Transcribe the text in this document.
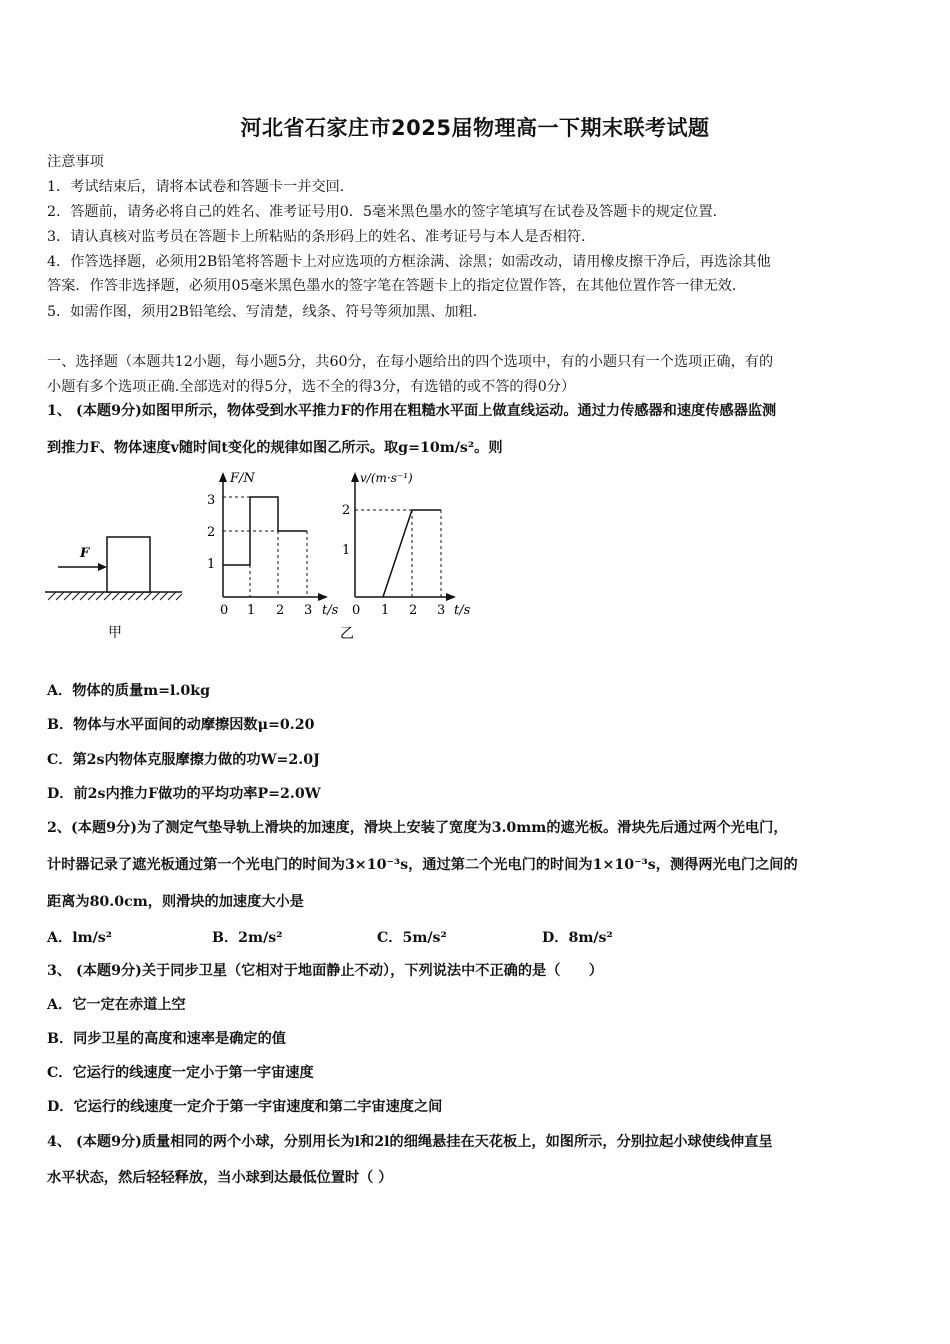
河北省石家庄市2025届物理高一下期末联考试题
注意事项
1．考试结束后，请将本试卷和答题卡一并交回.
2．答题前，请务必将自己的姓名、准考证号用0．5毫米黑色墨水的签字笔填写在试卷及答题卡的规定位置.
3．请认真核对监考员在答题卡上所粘贴的条形码上的姓名、准考证号与本人是否相符.
4．作答选择题，必须用2B铅笔将答题卡上对应选项的方框涂满、涂黑；如需改动，请用橡皮擦干净后，再选涂其他
答案．作答非选择题，必须用05毫米黑色墨水的签字笔在答题卡上的指定位置作答，在其他位置作答一律无效.
5．如需作图，须用2B铅笔绘、写清楚，线条、符号等须加黑、加粗.
一、选择题（本题共12小题，每小题5分，共60分，在每小题给出的四个选项中，有的小题只有一个选项正确，有的
小题有多个选项正确.全部选对的得5分，选不全的得3分，有选错的或不答的得0分）
1、 (本题9分)如图甲所示，物体受到水平推力F的作用在粗糙水平面上做直线运动。通过力传感器和速度传感器监测
到推力F、物体速度v随时间t变化的规律如图乙所示。取g=10m/s²。则
F
甲
F/N
3
2
1
0 1 2 3 t/s
v/(m·s⁻¹)
2
1
0 1 2 3 t/s
乙
A．物体的质量m=l.0kg
B．物体与水平面间的动摩擦因数μ=0.20
C．第2s内物体克服摩擦力做的功W=2.0J
D．前2s内推力F做功的平均功率P=2.0W
2、(本题9分)为了测定气垫导轨上滑块的加速度，滑块上安装了宽度为3.0mm的遮光板。滑块先后通过两个光电门，
计时器记录了遮光板通过第一个光电门的时间为3×10⁻³s，通过第二个光电门的时间为1×10⁻³s，测得两光电门之间的
距离为80.0cm，则滑块的加速度大小是
A．lm/s²	B．2m/s²	C．5m/s²	D．8m/s²
3、 (本题9分)关于同步卫星（它相对于地面静止不动），下列说法中不正确的是（　　）
A．它一定在赤道上空
B．同步卫星的高度和速率是确定的值
C．它运行的线速度一定小于第一宇宙速度
D．它运行的线速度一定介于第一宇宙速度和第二宇宙速度之间
4、 (本题9分)质量相同的两个小球，分别用长为l和2l的细绳悬挂在天花板上，如图所示，分别拉起小球使线伸直呈
水平状态，然后轻轻释放，当小球到达最低位置时（ ）
